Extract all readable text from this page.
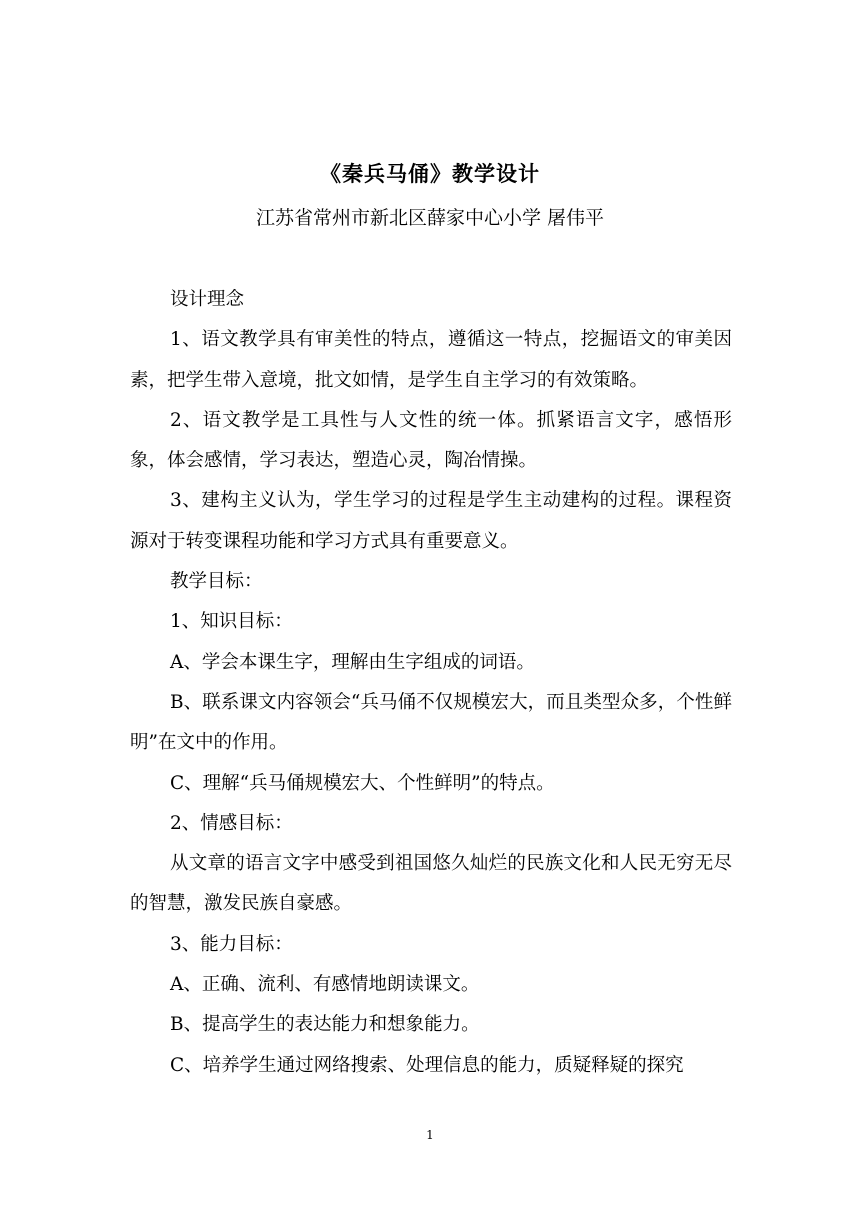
《秦兵马俑》教学设计

江苏省常州市新北区薛家中心小学 屠伟平

设计理念

1、语文教学具有审美性的特点，遵循这一特点，挖掘语文的审美因素，把学生带入意境，批文如情，是学生自主学习的有效策略。

2、语文教学是工具性与人文性的统一体。抓紧语言文字，感悟形象，体会感情，学习表达，塑造心灵，陶冶情操。

3、建构主义认为，学生学习的过程是学生主动建构的过程。课程资源对于转变课程功能和学习方式具有重要意义。

教学目标：

1、知识目标：

A、学会本课生字，理解由生字组成的词语。

B、联系课文内容领会“兵马俑不仅规模宏大，而且类型众多，个性鲜明”在文中的作用。

C、理解“兵马俑规模宏大、个性鲜明”的特点。

2、情感目标：

从文章的语言文字中感受到祖国悠久灿烂的民族文化和人民无穷无尽的智慧，激发民族自豪感。

3、能力目标：

A、正确、流利、有感情地朗读课文。

B、提高学生的表达能力和想象能力。

C、培养学生通过网络搜索、处理信息的能力，质疑释疑的探究

1
